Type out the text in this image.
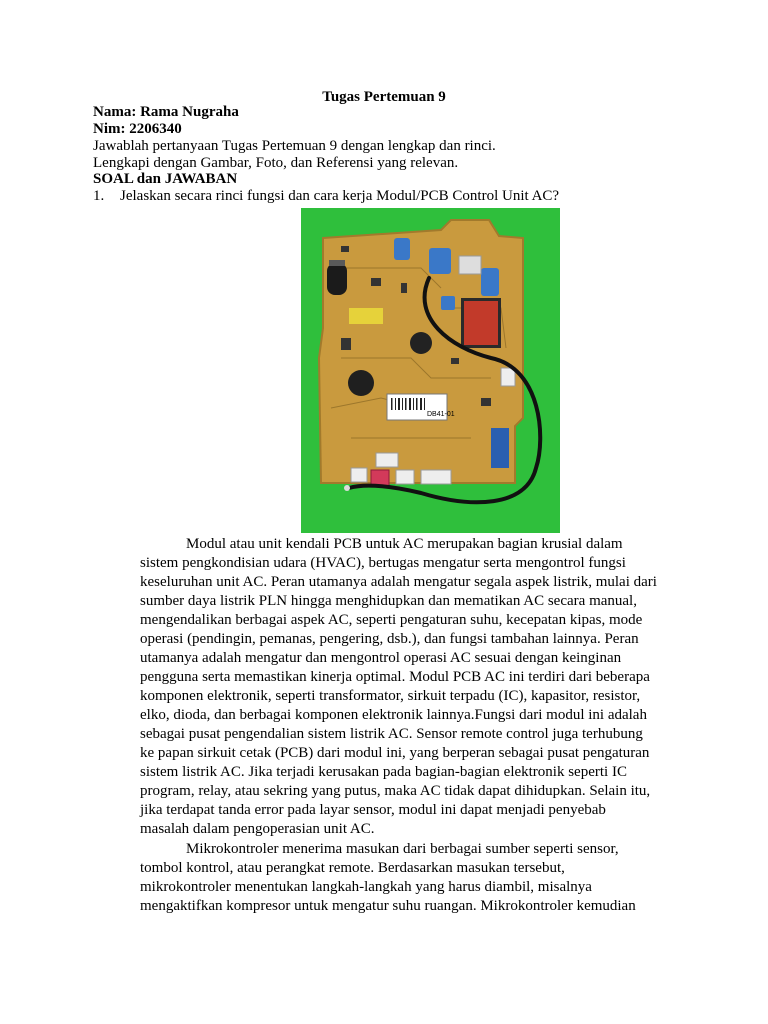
Tugas Pertemuan 9
Nama: Rama Nugraha
Nim: 2206340
Jawablah pertanyaan Tugas Pertemuan 9 dengan lengkap dan rinci.
Lengkapi dengan Gambar, Foto, dan Referensi yang relevan.
SOAL dan JAWABAN
1. Jelaskan secara rinci fungsi dan cara kerja Modul/PCB Control Unit AC?
DB41-01
Modul atau unit kendali PCB untuk AC merupakan bagian krusial dalam
sistem pengkondisian udara (HVAC), bertugas mengatur serta mengontrol fungsi
keseluruhan unit AC. Peran utamanya adalah mengatur segala aspek listrik, mulai dari
sumber daya listrik PLN hingga menghidupkan dan mematikan AC secara manual,
mengendalikan berbagai aspek AC, seperti pengaturan suhu, kecepatan kipas, mode
operasi (pendingin, pemanas, pengering, dsb.), dan fungsi tambahan lainnya. Peran
utamanya adalah mengatur dan mengontrol operasi AC sesuai dengan keinginan
pengguna serta memastikan kinerja optimal. Modul PCB AC ini terdiri dari beberapa
komponen elektronik, seperti transformator, sirkuit terpadu (IC), kapasitor, resistor,
elko, dioda, dan berbagai komponen elektronik lainnya.Fungsi dari modul ini adalah
sebagai pusat pengendalian sistem listrik AC. Sensor remote control juga terhubung
ke papan sirkuit cetak (PCB) dari modul ini, yang berperan sebagai pusat pengaturan
sistem listrik AC. Jika terjadi kerusakan pada bagian-bagian elektronik seperti IC
program, relay, atau sekring yang putus, maka AC tidak dapat dihidupkan. Selain itu,
jika terdapat tanda error pada layar sensor, modul ini dapat menjadi penyebab
masalah dalam pengoperasian unit AC.
Mikrokontroler menerima masukan dari berbagai sumber seperti sensor,
tombol kontrol, atau perangkat remote. Berdasarkan masukan tersebut,
mikrokontroler menentukan langkah-langkah yang harus diambil, misalnya
mengaktifkan kompresor untuk mengatur suhu ruangan. Mikrokontroler kemudian
